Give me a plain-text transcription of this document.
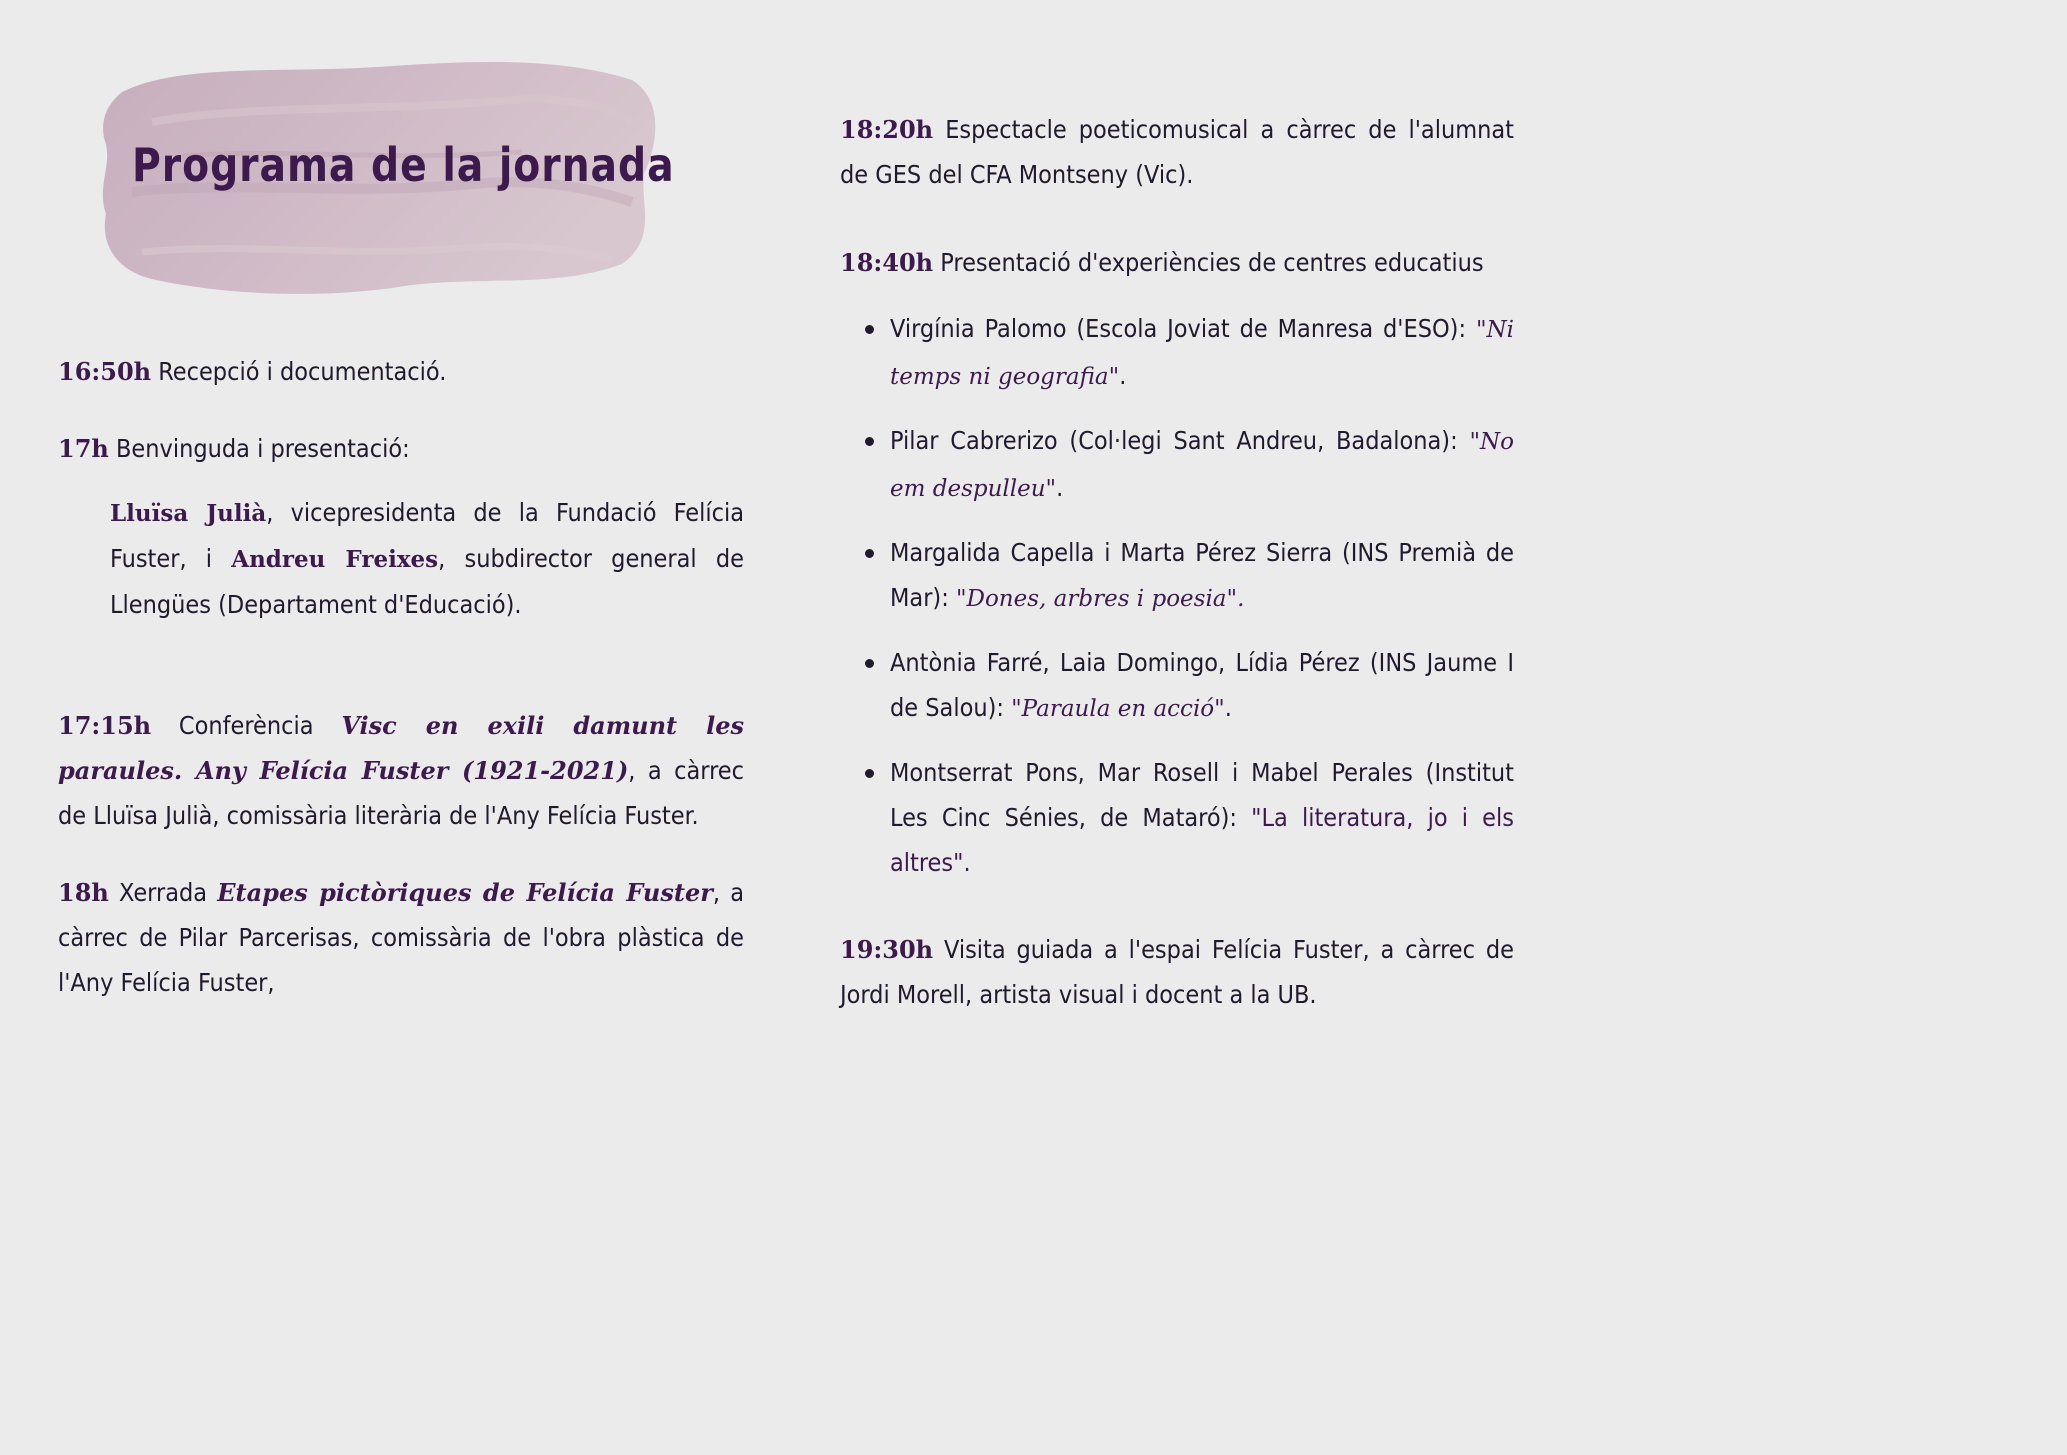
Programa de la jornada

16:50h Recepció i documentació.

17h Benvinguda i presentació:

Lluïsa Julià, vicepresidenta de la Fundació Felícia Fuster, i Andreu Freixes, subdirector general de Llengües (Departament d'Educació).

17:15h Conferència Visc en exili damunt les paraules. Any Felícia Fuster (1921-2021), a càrrec de Lluïsa Julià, comissària literària de l'Any Felícia Fuster.

18h Xerrada Etapes pictòriques de Felícia Fuster, a càrrec de Pilar Parcerisas, comissària de l'obra plàstica de l'Any Felícia Fuster,

18:20h Espectacle poeticomusical a càrrec de l'alumnat de GES del CFA Montseny (Vic).

18:40h Presentació d'experiències de centres educatius

Virgínia Palomo (Escola Joviat de Manresa d'ESO): "Ni temps ni geografia".
Pilar Cabrerizo (Col·legi Sant Andreu, Badalona): "No em despulleu".
Margalida Capella i Marta Pérez Sierra (INS Premià de Mar): "Dones, arbres i poesia".
Antònia Farré, Laia Domingo, Lídia Pérez (INS Jaume I de Salou): "Paraula en acció".
Montserrat Pons, Mar Rosell i Mabel Perales (Institut Les Cinc Sénies, de Mataró): "La literatura, jo i els altres".

19:30h Visita guiada a l'espai Felícia Fuster, a càrrec de Jordi Morell, artista visual i docent a la UB.
